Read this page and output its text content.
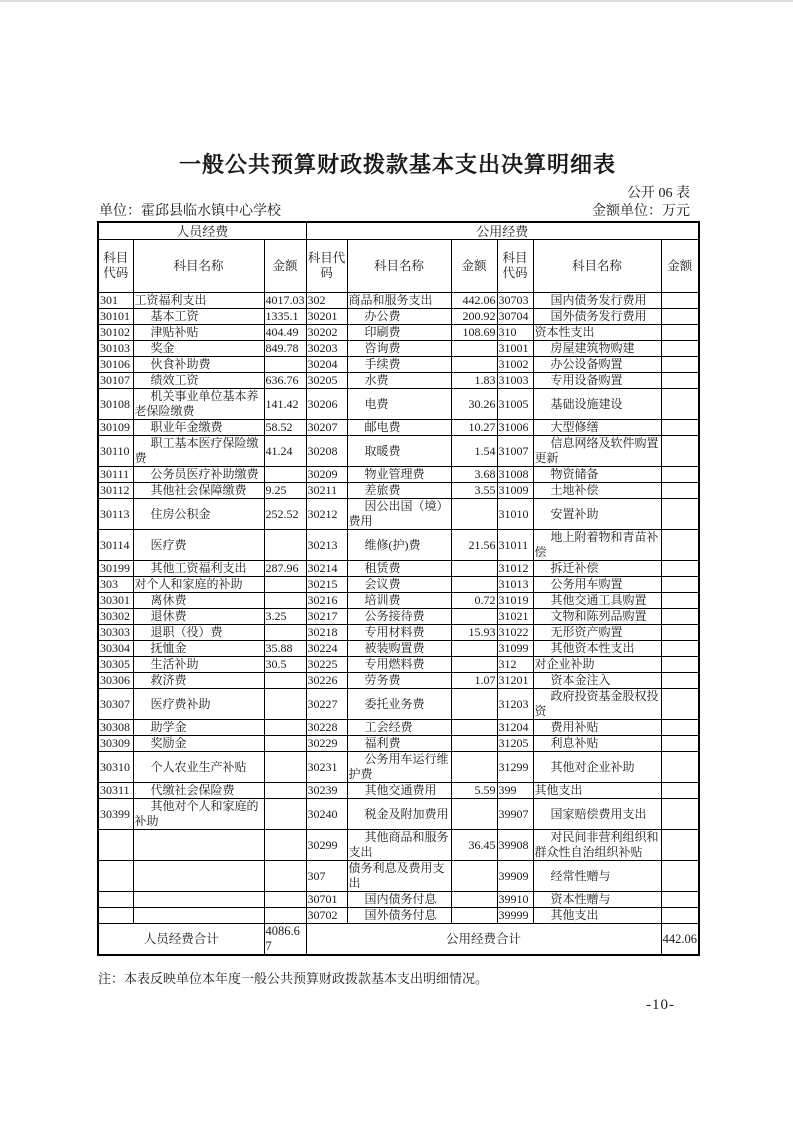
一般公共预算财政拨款基本支出决算明细表
公开 06 表
单位：霍邱县临水镇中心学校	金额单位：万元
人员经费			公用经费					
科目代码	科目名称	金额	科目代码	科目名称	金额	科目代码	科目名称	金额
301	工资福利支出	4017.03	302	商品和服务支出	442.06	30703	国内债务发行费用	
30101	基本工资	1335.1	30201	办公费	200.92	30704	国外债务发行费用	
30102	津贴补贴	404.49	30202	印刷费	108.69	310	资本性支出	
30103	奖金	849.78	30203	咨询费		31001	房屋建筑物购建	
30106	伙食补助费		30204	手续费		31002	办公设备购置	
30107	绩效工资	636.76	30205	水费	1.83	31003	专用设备购置	
30108	机关事业单位基本养老保险缴费	141.42	30206	电费	30.26	31005	基础设施建设	
30109	职业年金缴费	58.52	30207	邮电费	10.27	31006	大型修缮	
30110	职工基本医疗保险缴费	41.24	30208	取暖费	1.54	31007	信息网络及软件购置更新	
30111	公务员医疗补助缴费		30209	物业管理费	3.68	31008	物资储备	
30112	其他社会保障缴费	9.25	30211	差旅费	3.55	31009	土地补偿	
30113	住房公积金	252.52	30212	因公出国（境）费用		31010	安置补助	
30114	医疗费		30213	维修(护)费	21.56	31011	地上附着物和青苗补偿	
30199	其他工资福利支出	287.96	30214	租赁费		31012	拆迁补偿	
303	对个人和家庭的补助		30215	会议费		31013	公务用车购置	
30301	离休费		30216	培训费	0.72	31019	其他交通工具购置	
30302	退休费	3.25	30217	公务接待费		31021	文物和陈列品购置	
30303	退职（役）费		30218	专用材料费	15.93	31022	无形资产购置	
30304	抚恤金	35.88	30224	被装购置费		31099	其他资本性支出	
30305	生活补助	30.5	30225	专用燃料费		312	对企业补助	
30306	救济费		30226	劳务费	1.07	31201	资本金注入	
30307	医疗费补助		30227	委托业务费		31203	政府投资基金股权投资	
30308	助学金		30228	工会经费		31204	费用补贴	
30309	奖励金		30229	福利费		31205	利息补贴	
30310	个人农业生产补贴		30231	公务用车运行维护费		31299	其他对企业补助	
30311	代缴社会保险费		30239	其他交通费用	5.59	399	其他支出	
30399	其他对个人和家庭的补助		30240	税金及附加费用		39907	国家赔偿费用支出	
			30299	其他商品和服务支出	36.45	39908	对民间非营利组织和群众性自治组织补贴	
			307	债务利息及费用支出		39909	经常性赠与	
			30701	国内债务付息		39910	资本性赠与	
			30702	国外债务付息		39999	其他支出	
人员经费合计		4086.67	公用经费合计					442.06
注：本表反映单位本年度一般公共预算财政拨款基本支出明细情况。
-10-
